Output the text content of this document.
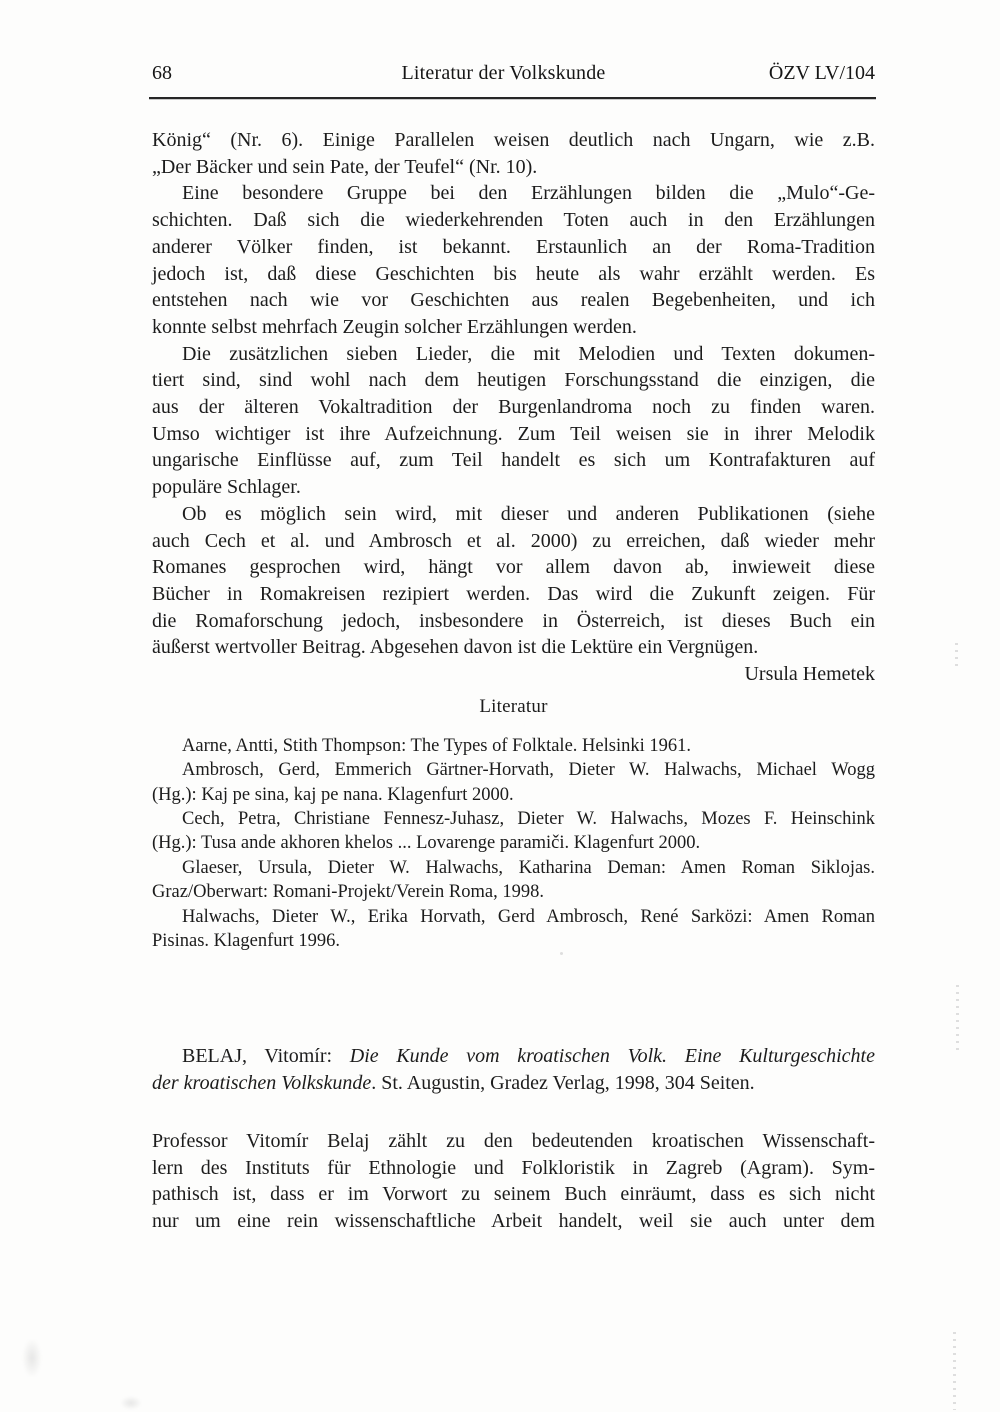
68	Literatur der Volkskunde	ÖZV LV/104
König“ (Nr. 6). Einige Parallelen weisen deutlich nach Ungarn, wie z.B.
„Der Bäcker und sein Pate, der Teufel“ (Nr. 10).
Eine besondere Gruppe bei den Erzählungen bilden die „Mulo“-Ge-
schichten. Daß sich die wiederkehrenden Toten auch in den Erzählungen
anderer Völker finden, ist bekannt. Erstaunlich an der Roma-Tradition
jedoch ist, daß diese Geschichten bis heute als wahr erzählt werden. Es
entstehen nach wie vor Geschichten aus realen Begebenheiten, und ich
konnte selbst mehrfach Zeugin solcher Erzählungen werden.
Die zusätzlichen sieben Lieder, die mit Melodien und Texten dokumen-
tiert sind, sind wohl nach dem heutigen Forschungsstand die einzigen, die
aus der älteren Vokaltradition der Burgenlandroma noch zu finden waren.
Umso wichtiger ist ihre Aufzeichnung. Zum Teil weisen sie in ihrer Melodik
ungarische Einflüsse auf, zum Teil handelt es sich um Kontrafakturen auf
populäre Schlager.
Ob es möglich sein wird, mit dieser und anderen Publikationen (siehe
auch Cech et al. und Ambrosch et al. 2000) zu erreichen, daß wieder mehr
Romanes gesprochen wird, hängt vor allem davon ab, inwieweit diese
Bücher in Romakreisen rezipiert werden. Das wird die Zukunft zeigen. Für
die Romaforschung jedoch, insbesondere in Österreich, ist dieses Buch ein
äußerst wertvoller Beitrag. Abgesehen davon ist die Lektüre ein Vergnügen.
Ursula Hemetek
Literatur
Aarne, Antti, Stith Thompson: The Types of Folktale. Helsinki 1961.
Ambrosch, Gerd, Emmerich Gärtner-Horvath, Dieter W. Halwachs, Michael Wogg
(Hg.): Kaj pe sina, kaj pe nana. Klagenfurt 2000.
Cech, Petra, Christiane Fennesz-Juhasz, Dieter W. Halwachs, Mozes F. Heinschink
(Hg.): Tusa ande akhoren khelos ... Lovarenge paramiči. Klagenfurt 2000.
Glaeser, Ursula, Dieter W. Halwachs, Katharina Deman: Amen Roman Siklojas.
Graz/Oberwart: Romani-Projekt/Verein Roma, 1998.
Halwachs, Dieter W., Erika Horvath, Gerd Ambrosch, René Sarközi: Amen Roman
Pisinas. Klagenfurt 1996.
BELAJ, Vitomír: Die Kunde vom kroatischen Volk. Eine Kulturgeschichte
der kroatischen Volkskunde. St. Augustin, Gradez Verlag, 1998, 304 Seiten.
Professor Vitomír Belaj zählt zu den bedeutenden kroatischen Wissenschaft-
lern des Instituts für Ethnologie und Folkloristik in Zagreb (Agram). Sym-
pathisch ist, dass er im Vorwort zu seinem Buch einräumt, dass es sich nicht
nur um eine rein wissenschaftliche Arbeit handelt, weil sie auch unter dem
